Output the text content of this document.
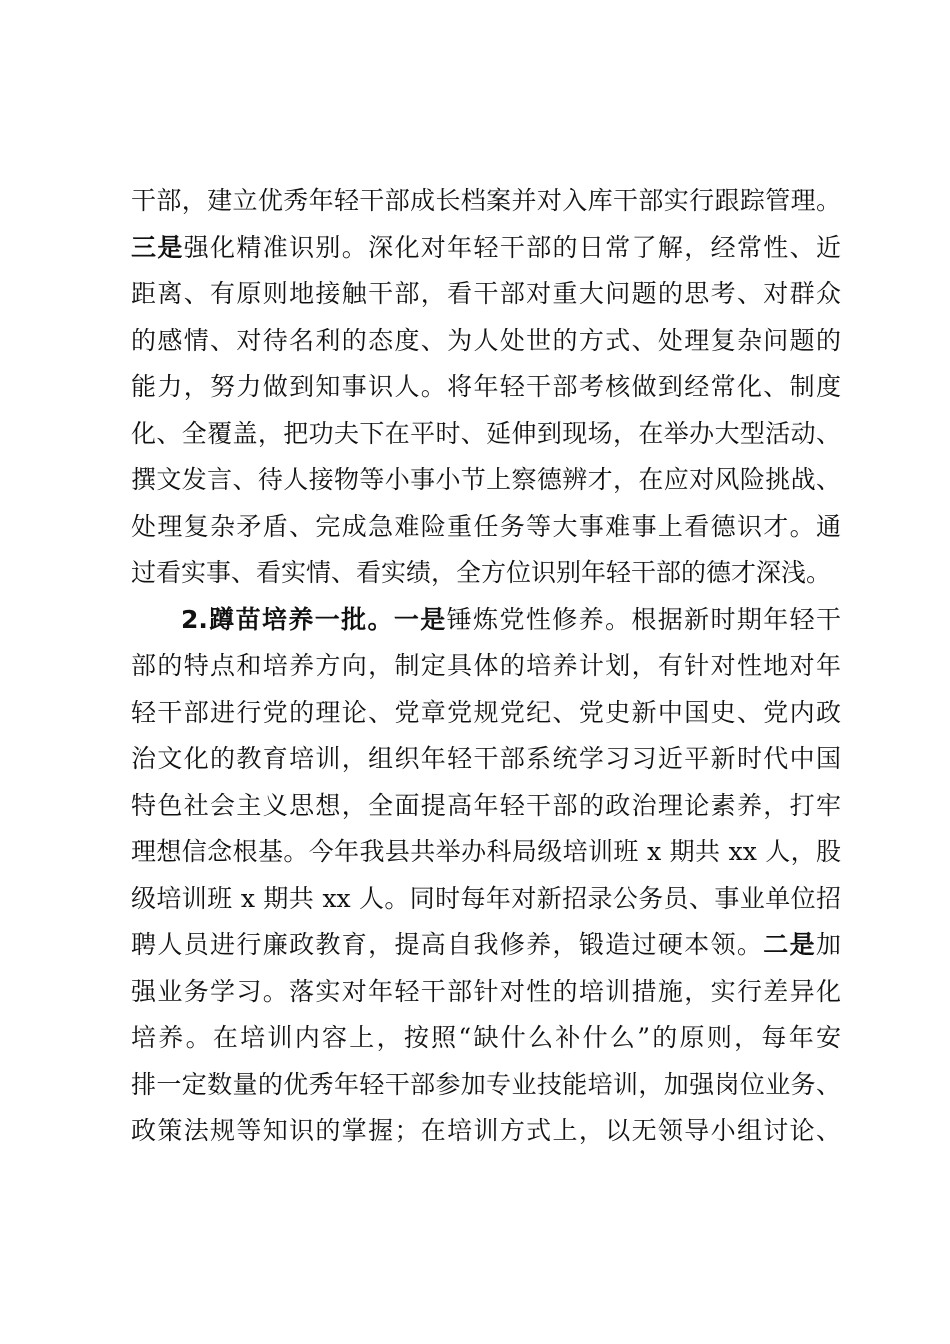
干部，建立优秀年轻干部成长档案并对入库干部实行跟踪管理。
三是强化精准识别。深化对年轻干部的日常了解，经常性、近
距离、有原则地接触干部，看干部对重大问题的思考、对群众
的感情、对待名利的态度、为人处世的方式、处理复杂问题的
能力，努力做到知事识人。将年轻干部考核做到经常化、制度
化、全覆盖，把功夫下在平时、延伸到现场，在举办大型活动、
撰文发言、待人接物等小事小节上察德辨才，在应对风险挑战、
处理复杂矛盾、完成急难险重任务等大事难事上看德识才。通
过看实事、看实情、看实绩，全方位识别年轻干部的德才深浅。
2.蹲苗培养一批。一是锤炼党性修养。根据新时期年轻干
部的特点和培养方向，制定具体的培养计划，有针对性地对年
轻干部进行党的理论、党章党规党纪、党史新中国史、党内政
治文化的教育培训，组织年轻干部系统学习习近平新时代中国
特色社会主义思想，全面提高年轻干部的政治理论素养，打牢
理想信念根基。今年我县共举办科局级培训班 x 期共 xx 人，股
级培训班 x 期共 xx 人。同时每年对新招录公务员、事业单位招
聘人员进行廉政教育，提高自我修养，锻造过硬本领。二是加
强业务学习。落实对年轻干部针对性的培训措施，实行差异化
培养。在培训内容上，按照“缺什么补什么”的原则，每年安
排一定数量的优秀年轻干部参加专业技能培训，加强岗位业务、
政策法规等知识的掌握；在培训方式上，以无领导小组讨论、
